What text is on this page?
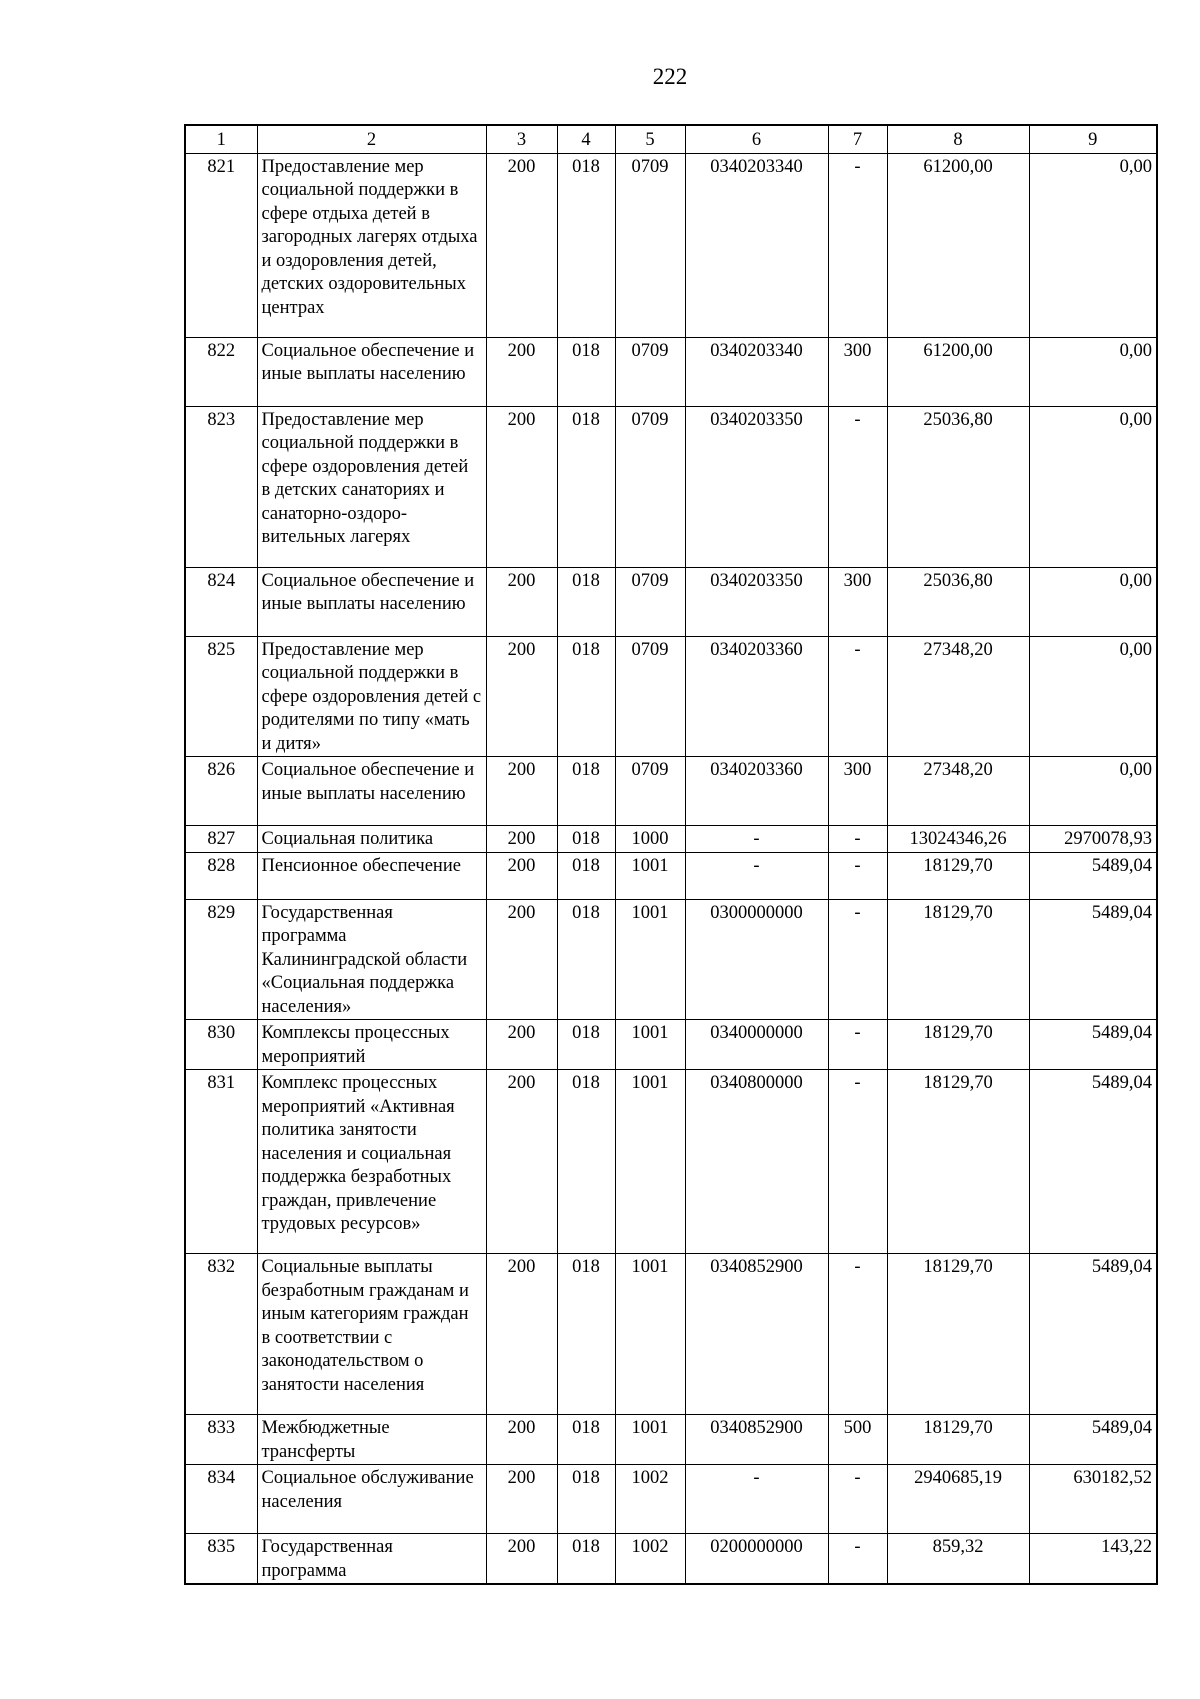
222
1	2	3	4	5	6	7	8	9
821	Предоставление мер социальной поддержки в сфере отдыха детей в загородных лагерях отдыха и оздоровления детей, детских оздоровительных центрах	200	018	0709	0340203340	-	61200,00	0,00
822	Социальное обеспечение и иные выплаты населению	200	018	0709	0340203340	300	61200,00	0,00
823	Предоставление мер социальной поддержки в сфере оздоровления детей в детских санаториях и санаторно-оздоро-вительных лагерях	200	018	0709	0340203350	-	25036,80	0,00
824	Социальное обеспечение и иные выплаты населению	200	018	0709	0340203350	300	25036,80	0,00
825	Предоставление мер социальной поддержки в сфере оздоровления детей с родителями по типу «мать и дитя»	200	018	0709	0340203360	-	27348,20	0,00
826	Социальное обеспечение и иные выплаты населению	200	018	0709	0340203360	300	27348,20	0,00
827	Социальная политика	200	018	1000	-	-	13024346,26	2970078,93
828	Пенсионное обеспечение	200	018	1001	-	-	18129,70	5489,04
829	Государственная программа Калининградской области «Социальная поддержка населения»	200	018	1001	0300000000	-	18129,70	5489,04
830	Комплексы процессных мероприятий	200	018	1001	0340000000	-	18129,70	5489,04
831	Комплекс процессных мероприятий «Активная политика занятости населения и социальная поддержка безработных граждан, привлечение трудовых ресурсов»	200	018	1001	0340800000	-	18129,70	5489,04
832	Социальные выплаты безработным гражданам и иным категориям граждан в соответствии с законодательством о занятости населения	200	018	1001	0340852900	-	18129,70	5489,04
833	Межбюджетные трансферты	200	018	1001	0340852900	500	18129,70	5489,04
834	Социальное обслуживание населения	200	018	1002	-	-	2940685,19	630182,52
835	Государственная программа	200	018	1002	0200000000	-	859,32	143,22
